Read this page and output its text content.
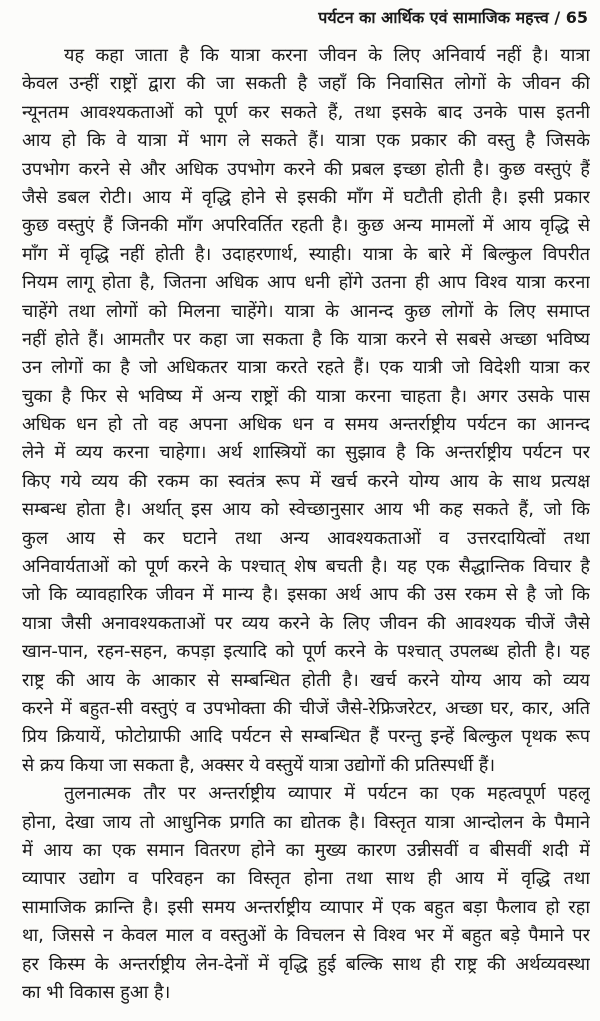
पर्यटन का आर्थिक एवं सामाजिक महत्त्व / 65
यह कहा जाता है कि यात्रा करना जीवन के लिए अनिवार्य नहीं है। यात्रा
केवल उन्हीं राष्ट्रों द्वारा की जा सकती है जहाँ कि निवासित लोगों के जीवन की
न्यूनतम आवश्यकताओं को पूर्ण कर सकते हैं, तथा इसके बाद उनके पास इतनी
आय हो कि वे यात्रा में भाग ले सकते हैं। यात्रा एक प्रकार की वस्तु है जिसके
उपभोग करने से और अधिक उपभोग करने की प्रबल इच्छा होती है। कुछ वस्तुएं हैं
जैसे डबल रोटी। आय में वृद्धि होने से इसकी माँग में घटौती होती है। इसी प्रकार
कुछ वस्तुएं हैं जिनकी माँग अपरिवर्तित रहती है। कुछ अन्य मामलों में आय वृद्धि से
माँग में वृद्धि नहीं होती है। उदाहरणार्थ, स्याही। यात्रा के बारे में बिल्कुल विपरीत
नियम लागू होता है, जितना अधिक आप धनी होंगे उतना ही आप विश्व यात्रा करना
चाहेंगे तथा लोगों को मिलना चाहेंगे। यात्रा के आनन्द कुछ लोगों के लिए समाप्त
नहीं होते हैं। आमतौर पर कहा जा सकता है कि यात्रा करने से सबसे अच्छा भविष्य
उन लोगों का है जो अधिकतर यात्रा करते रहते हैं। एक यात्री जो विदेशी यात्रा कर
चुका है फिर से भविष्य में अन्य राष्ट्रों की यात्रा करना चाहता है। अगर उसके पास
अधिक धन हो तो वह अपना अधिक धन व समय अन्तर्राष्ट्रीय पर्यटन का आनन्द
लेने में व्यय करना चाहेगा। अर्थ शास्त्रियों का सुझाव है कि अन्तर्राष्ट्रीय पर्यटन पर
किए गये व्यय की रकम का स्वतंत्र रूप में खर्च करने योग्य आय के साथ प्रत्यक्ष
सम्बन्ध होता है। अर्थात् इस आय को स्वेच्छानुसार आय भी कह सकते हैं, जो कि
कुल आय से कर घटाने तथा अन्य आवश्यकताओं व उत्तरदायित्वों तथा
अनिवार्यताओं को पूर्ण करने के पश्चात् शेष बचती है। यह एक सैद्धान्तिक विचार है
जो कि व्यावहारिक जीवन में मान्य है। इसका अर्थ आप की उस रकम से है जो कि
यात्रा जैसी अनावश्यकताओं पर व्यय करने के लिए जीवन की आवश्यक चीजें जैसे
खान-पान, रहन-सहन, कपड़ा इत्यादि को पूर्ण करने के पश्चात् उपलब्ध होती है। यह
राष्ट्र की आय के आकार से सम्बन्धित होती है। खर्च करने योग्य आय को व्यय
करने में बहुत-सी वस्तुएं व उपभोक्ता की चीजें जैसे-रेफ्रिजरेटर, अच्छा घर, कार, अति
प्रिय क्रियायें, फोटोग्राफी आदि पर्यटन से सम्बन्धित हैं परन्तु इन्हें बिल्कुल पृथक रूप
से क्रय किया जा सकता है, अक्सर ये वस्तुयें यात्रा उद्योगों की प्रतिस्पर्धी हैं।
तुलनात्मक तौर पर अन्तर्राष्ट्रीय व्यापार में पर्यटन का एक महत्वपूर्ण पहलू
होना, देखा जाय तो आधुनिक प्रगति का द्योतक है। विस्तृत यात्रा आन्दोलन के पैमाने
में आय का एक समान वितरण होने का मुख्य कारण उन्नीसवीं व बीसवीं शदी में
व्यापार उद्योग व परिवहन का विस्तृत होना तथा साथ ही आय में वृद्धि तथा
सामाजिक क्रान्ति है। इसी समय अन्तर्राष्ट्रीय व्यापार में एक बहुत बड़ा फैलाव हो रहा
था, जिससे न केवल माल व वस्तुओं के विचलन से विश्व भर में बहुत बड़े पैमाने पर
हर किस्म के अन्तर्राष्ट्रीय लेन-देनों में वृद्धि हुई बल्कि साथ ही राष्ट्र की अर्थव्यवस्था
का भी विकास हुआ है।
